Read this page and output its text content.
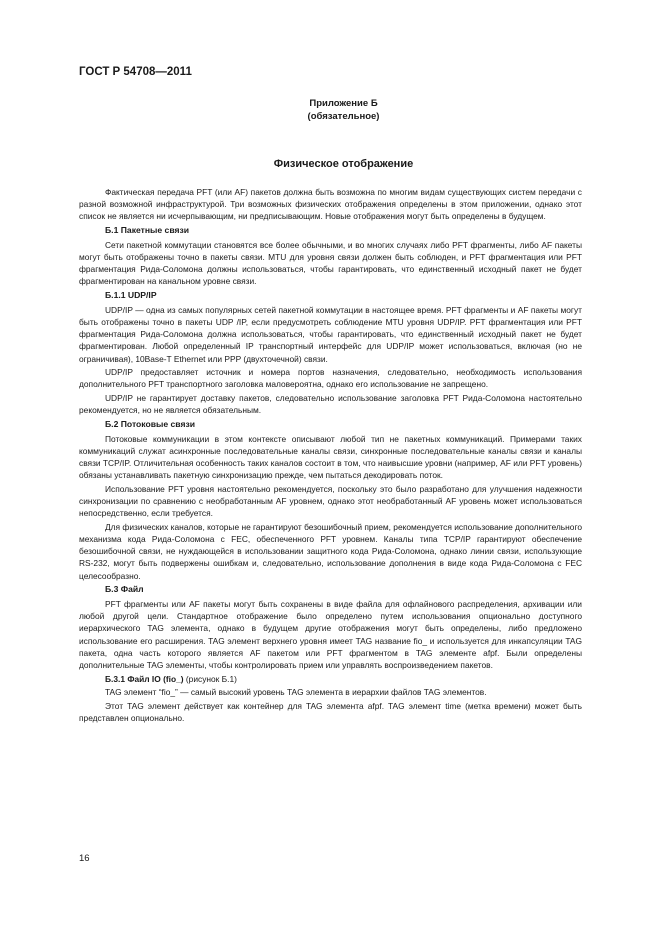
ГОСТ Р 54708—2011
Приложение Б
(обязательное)
Физическое отображение

Фактическая передача PFT (или AF) пакетов должна быть возможна по многим видам существующих систем передачи с разной возможной инфраструктурой. Три возможных физических отображения определены в этом приложении, однако этот список не является ни исчерпывающим, ни предписывающим. Новые отображения могут быть определены в будущем.

Б.1 Пакетные связи

Сети пакетной коммутации становятся все более обычными, и во многих случаях либо PFT фрагменты, либо AF пакеты могут быть отображены точно в пакеты связи. MTU для уровня связи должен быть соблюден, и PFT фрагментация или PFT фрагментация Рида-Соломона должны использоваться, чтобы гарантировать, что единственный исходный пакет не будет фрагментирован на канальном уровне связи.

Б.1.1 UDP/IP

UDP/IP — одна из самых популярных сетей пакетной коммутации в настоящее время. PFT фрагменты и AF пакеты могут быть отображены точно в пакеты UDP /IP, если предусмотреть соблюдение MTU уровня UDP/IP. PFT фрагментация или PFT фрагментация Рида-Соломона должна использоваться, чтобы гарантировать, что единственный исходный пакет не будет фрагментирован. Любой определенный IP транспортный интерфейс для UDP/IP может использоваться, включая (но не ограничивая), 10Base-T Ethernet или PPP (двухточечной) связи.

UDP/IP предоставляет источник и номера портов назначения, следовательно, необходимость использования дополнительного PFT транспортного заголовка маловероятна, однако его использование не запрещено.

UDP/IP не гарантирует доставку пакетов, следовательно использование заголовка PFT Рида-Соломона настоятельно рекомендуется, но не является обязательным.

Б.2 Потоковые связи

Потоковые коммуникации в этом контексте описывают любой тип не пакетных коммуникаций. Примерами таких коммуникаций служат асинхронные последовательные каналы связи, синхронные последовательные каналы связи и каналы связи TCP/IP. Отличительная особенность таких каналов состоит в том, что наивысшие уровни (например, AF или PFT уровень) обязаны устанавливать пакетную синхронизацию прежде, чем пытаться декодировать поток.

Использование PFT уровня настоятельно рекомендуется, поскольку это было разработано для улучшения надежности синхронизации по сравнению с необработанным AF уровнем, однако этот необработанный AF уровень может использоваться непосредственно, если требуется.

Для физических каналов, которые не гарантируют безошибочный прием, рекомендуется использование дополнительного механизма кода Рида-Соломона с FEC, обеспеченного PFT уровнем. Каналы типа TCP/IP гарантируют обеспечение безошибочной связи, не нуждающейся в использовании защитного кода Рида-Соломона, однако линии связи, использующие RS-232, могут быть подвержены ошибкам и, следовательно, использование дополнения в виде кода Рида-Соломона с FEC целесообразно.

Б.3 Файл

PFT фрагменты или AF пакеты могут быть сохранены в виде файла для офлайнового распределения, архивации или любой другой цели. Стандартное отображение было определено путем использования опционально доступного иерархического TAG элемента, однако в будущем другие отображения могут быть определены, либо предложено использование его расширения. TAG элемент верхнего уровня имеет TAG название fio_ и используется для инкапсуляции TAG пакета, одна часть которого является AF пакетом или PFT фрагментом в TAG элементе afpf. Были определены дополнительные TAG элементы, чтобы контролировать прием или управлять воспроизведением пакетов.

Б.3.1 Файл IO (fio_) (рисунок Б.1)

TAG элемент “fio_” — самый высокий уровень TAG элемента в иерархии файлов TAG элементов.

Этот TAG элемент действует как контейнер для TAG элемента afpf. TAG элемент time (метка времени) может быть представлен опционально.

16
